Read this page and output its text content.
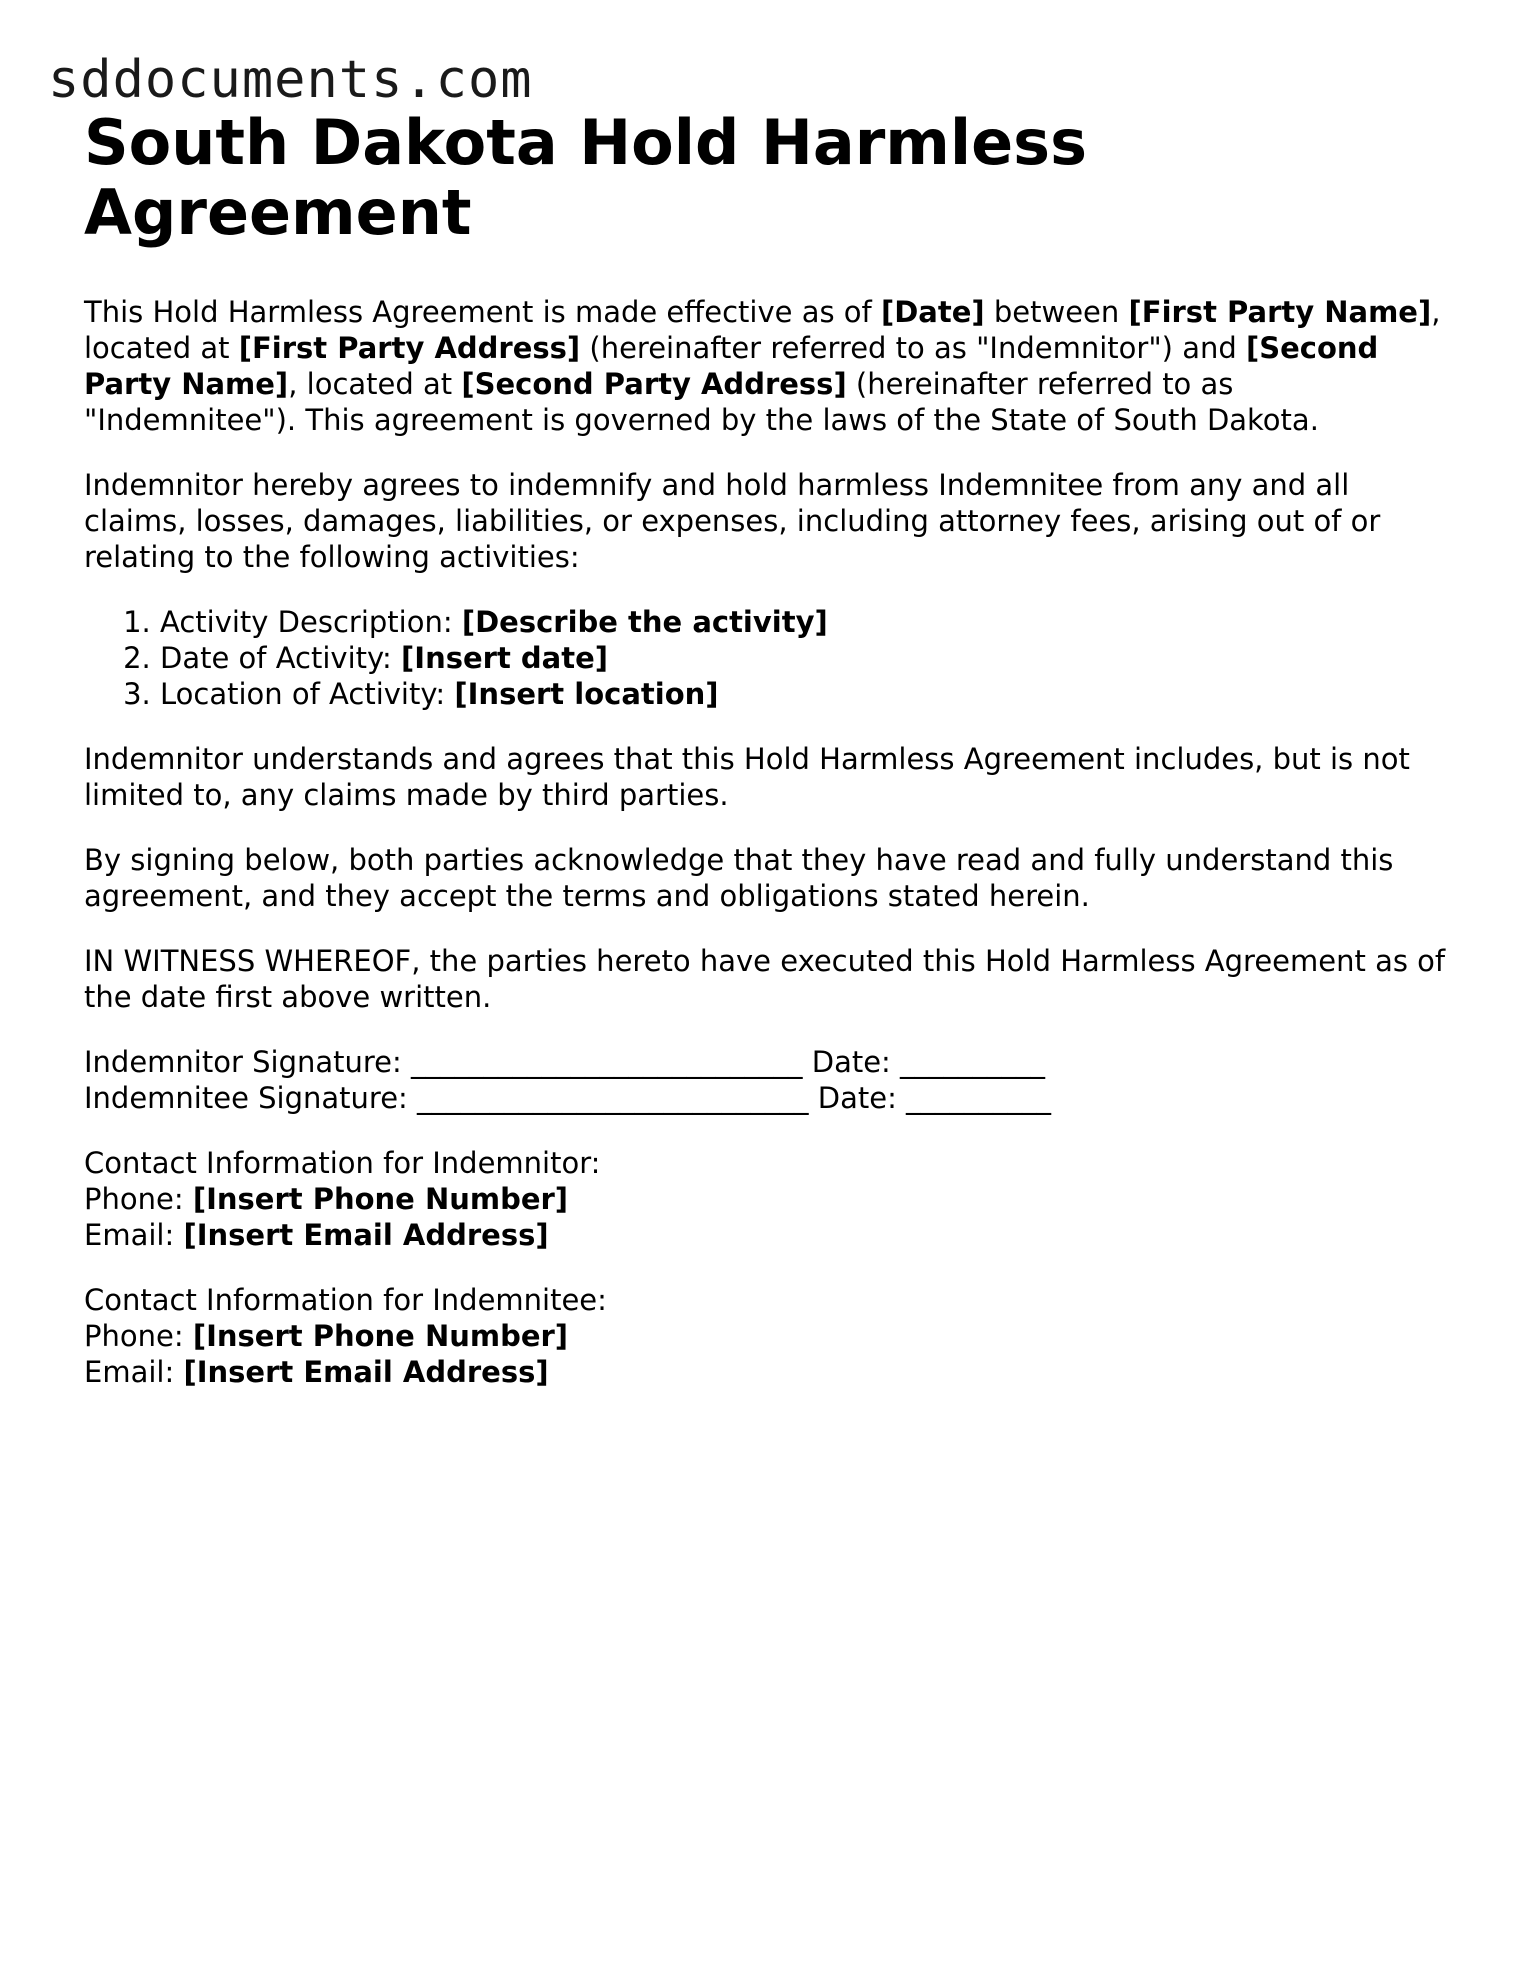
sddocuments.com
South Dakota Hold Harmless Agreement

This Hold Harmless Agreement is made effective as of [Date] between [First Party Name], located at [First Party Address] (hereinafter referred to as "Indemnitor") and [Second Party Name], located at [Second Party Address] (hereinafter referred to as "Indemnitee"). This agreement is governed by the laws of the State of South Dakota.

Indemnitor hereby agrees to indemnify and hold harmless Indemnitee from any and all claims, losses, damages, liabilities, or expenses, including attorney fees, arising out of or relating to the following activities:

1. Activity Description: [Describe the activity]
2. Date of Activity: [Insert date]
3. Location of Activity: [Insert location]

Indemnitor understands and agrees that this Hold Harmless Agreement includes, but is not limited to, any claims made by third parties.

By signing below, both parties acknowledge that they have read and fully understand this agreement, and they accept the terms and obligations stated herein.

IN WITNESS WHEREOF, the parties hereto have executed this Hold Harmless Agreement as of the date first above written.

Indemnitor Signature: ___________________________ Date: __________
Indemnitee Signature: ___________________________ Date: __________

Contact Information for Indemnitor:
Phone: [Insert Phone Number]
Email: [Insert Email Address]

Contact Information for Indemnitee:
Phone: [Insert Phone Number]
Email: [Insert Email Address]
